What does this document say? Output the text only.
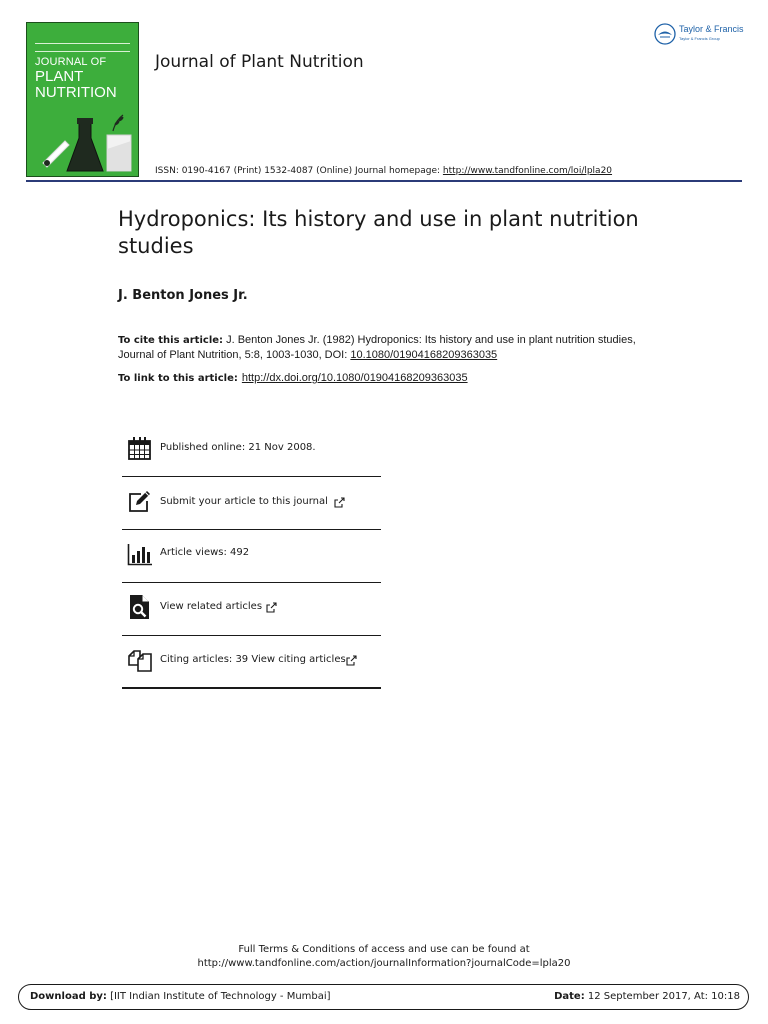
JOURNAL OF
PLANT
NUTRITION
Journal of Plant Nutrition
Taylor & Francis
Taylor & Francis Group
ISSN: 0190-4167 (Print) 1532-4087 (Online) Journal homepage: http://www.tandfonline.com/loi/lpla20
Hydroponics: Its history and use in plant nutrition studies
J. Benton Jones Jr.
To cite this article: J. Benton Jones Jr. (1982) Hydroponics: Its history and use in plant nutrition studies, Journal of Plant Nutrition, 5:8, 1003-1030, DOI: 10.1080/01904168209363035
To link to this article: http://dx.doi.org/10.1080/01904168209363035
Published online: 21 Nov 2008.
Submit your article to this journal
Article views: 492
View related articles
Citing articles: 39 View citing articles
Full Terms & Conditions of access and use can be found at
http://www.tandfonline.com/action/journalInformation?journalCode=lpla20
Download by: [IIT Indian Institute of Technology - Mumbai]	Date: 12 September 2017, At: 10:18
